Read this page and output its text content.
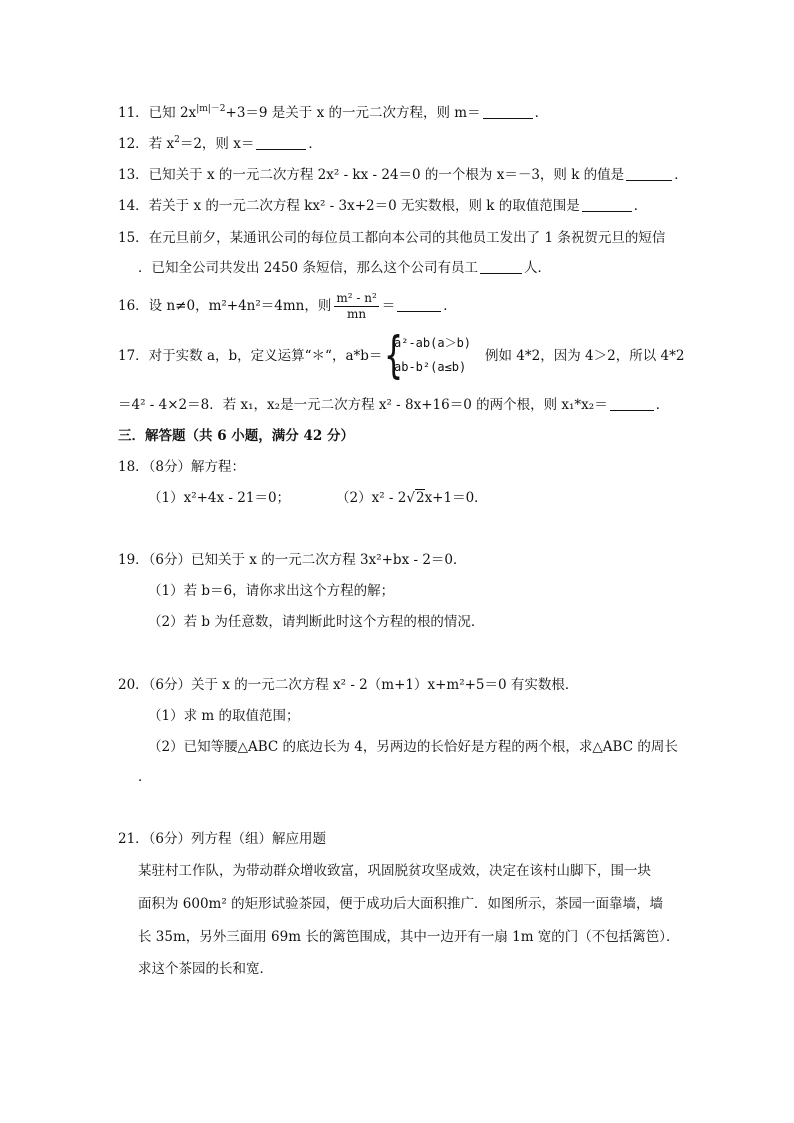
11．已知 $2x^{|m|-2}+3=9$ 是关于 x 的一元二次方程，则 m＝	．
12．若 $x^2=2$，则 x＝	．
13．已知关于 x 的一元二次方程 2x² - kx - 24＝0 的一个根为 x＝－3，则 k 的值是	．
14．若关于 x 的一元二次方程 kx² - 3x+2＝0 无实数根，则 k 的取值范围是	．
15．在元旦前夕，某通讯公司的每位员工都向本公司的其他员工发出了 1 条祝贺元旦的短信
．已知全公司共发出 2450 条短信，那么这个公司有员工	人．
16．设 n≠0，m²+4n²＝4mn，则 $\frac{\text{m² - n²}}{mn}$ ＝	．
17．对于实数 a，b，定义运算“＊“，a*b＝ {
a²-ab(a＞b)
ab-b²(a≤b)
例如 4*2，因为 4＞2，所以 4*2
＝4² - 4×2＝8．若 x₁，x₂是一元二次方程 x² - 8x+16＝0 的两个根，则 x₁*x₂＝	．
三．解答题（共 6 小题，满分 42 分）
18．（8分）解方程：
（1）x²+4x - 21＝0；	（2）x² - 2√2x+1＝0．
19．（6分）已知关于 x 的一元二次方程 3x²+bx - 2＝0．
（1）若 b＝6，请你求出这个方程的解；
（2）若 b 为任意数，请判断此时这个方程的根的情况．
20．（6分）关于 x 的一元二次方程 x² - 2（m+1）x+m²+5＝0 有实数根．
（1）求 m 的取值范围；
（2）已知等腰△ABC 的底边长为 4，另两边的长恰好是方程的两个根，求△ABC 的周长
．
21．（6分）列方程（组）解应用题
某驻村工作队，为带动群众增收致富，巩固脱贫攻坚成效，决定在该村山脚下，围一块
面积为 600m² 的矩形试验茶园，便于成功后大面积推广．如图所示，茶园一面靠墙，墙
长 35m，另外三面用 69m 长的篱笆围成，其中一边开有一扇 1m 宽的门（不包括篱笆）．
求这个茶园的长和宽．
